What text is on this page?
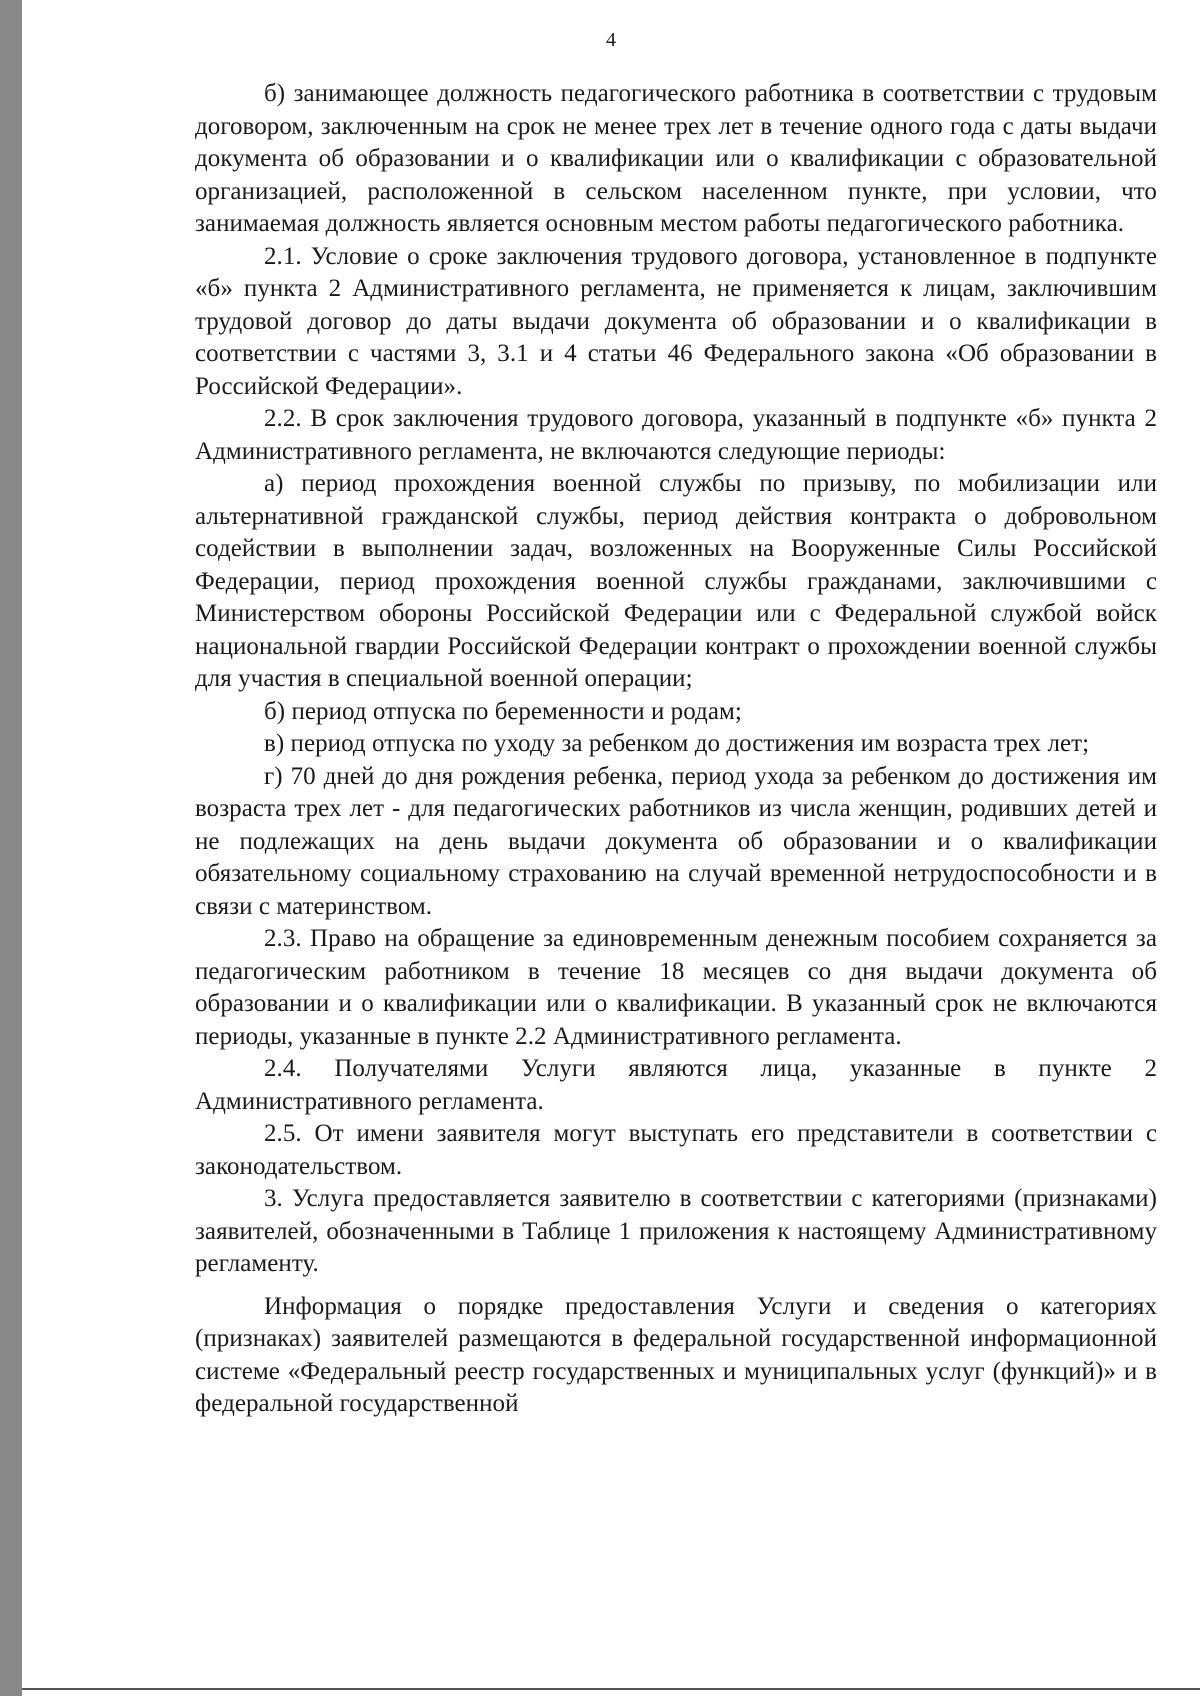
4

б) занимающее должность педагогического работника в соответствии с трудовым договором, заключенным на срок не менее трех лет в течение одного года с даты выдачи документа об образовании и о квалификации или о квалификации с образовательной организацией, расположенной в сельском населенном пункте, при условии, что занимаемая должность является основным местом работы педагогического работника.

2.1. Условие о сроке заключения трудового договора, установленное в подпункте «б» пункта 2 Административного регламента, не применяется к лицам, заключившим трудовой договор до даты выдачи документа об образовании и о квалификации в соответствии с частями 3, 3.1 и 4 статьи 46 Федерального закона «Об образовании в Российской Федерации».

2.2. В срок заключения трудового договора, указанный в подпункте «б» пункта 2 Административного регламента, не включаются следующие периоды:

а) период прохождения военной службы по призыву, по мобилизации или альтернативной гражданской службы, период действия контракта о добровольном содействии в выполнении задач, возложенных на Вооруженные Силы Российской Федерации, период прохождения военной службы гражданами, заключившими с Министерством обороны Российской Федерации или с Федеральной службой войск национальной гвардии Российской Федерации контракт о прохождении военной службы для участия в специальной военной операции;

б) период отпуска по беременности и родам;

в) период отпуска по уходу за ребенком до достижения им возраста трех лет;

г) 70 дней до дня рождения ребенка, период ухода за ребенком до достижения им возраста трех лет - для педагогических работников из числа женщин, родивших детей и не подлежащих на день выдачи документа об образовании и о квалификации обязательному социальному страхованию на случай временной нетрудоспособности и в связи с материнством.

2.3. Право на обращение за единовременным денежным пособием сохраняется за педагогическим работником в течение 18 месяцев со дня выдачи документа об образовании и о квалификации или о квалификации. В указанный срок не включаются периоды, указанные в пункте 2.2 Административного регламента.

2.4. Получателями Услуги являются лица, указанные в пункте 2 Административного регламента.

2.5. От имени заявителя могут выступать его представители в соответствии с законодательством.

3. Услуга предоставляется заявителю в соответствии с категориями (признаками) заявителей, обозначенными в Таблице 1 приложения к настоящему Административному регламенту.

Информация о порядке предоставления Услуги и сведения о категориях (признаках) заявителей размещаются в федеральной государственной информационной системе «Федеральный реестр государственных и муниципальных услуг (функций)» и в федеральной государственной
